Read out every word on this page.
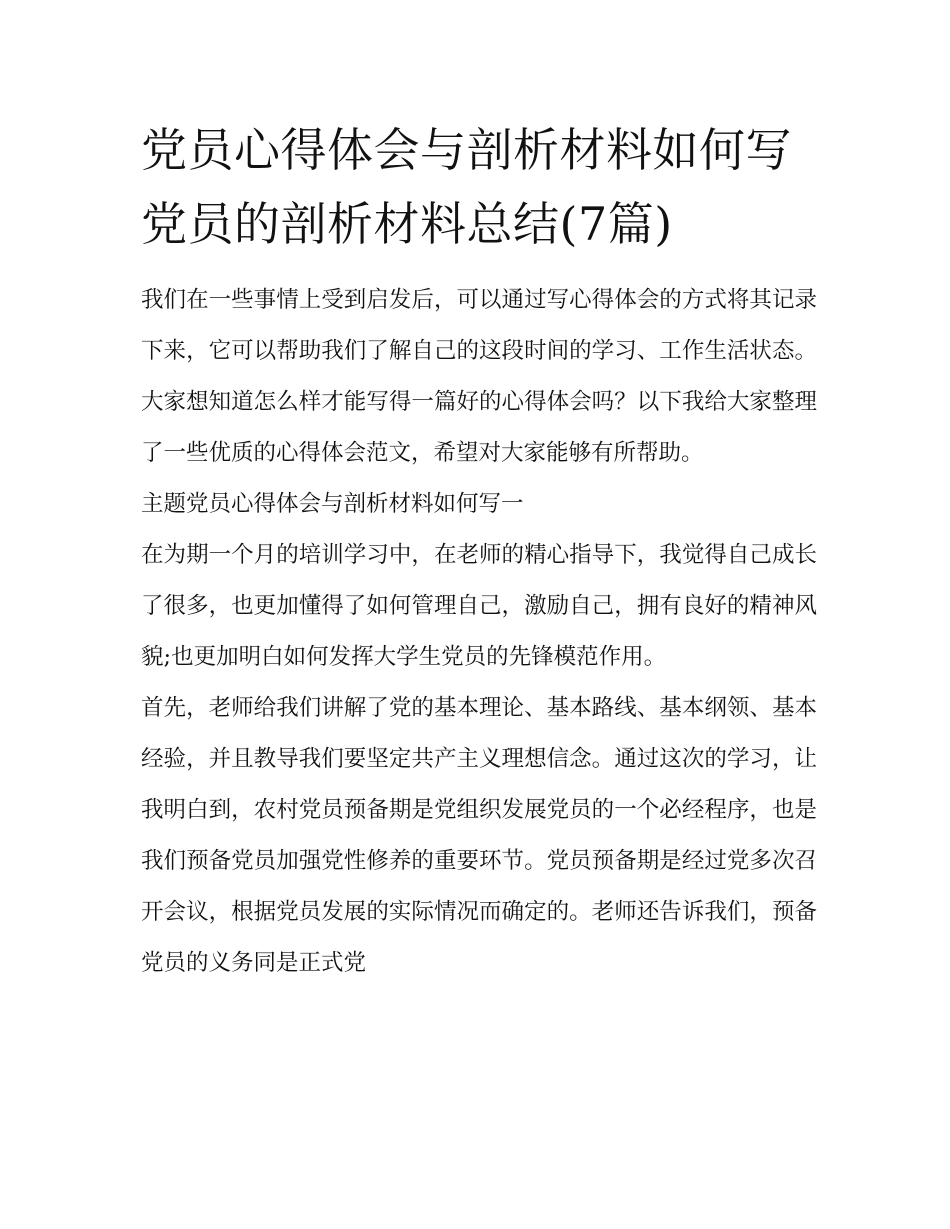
党员心得体会与剖析材料如何写 党员的剖析材料总结(7篇)

我们在一些事情上受到启发后，可以通过写心得体会的方式将其记录下来，它可以帮助我们了解自己的这段时间的学习、工作生活状态。大家想知道怎么样才能写得一篇好的心得体会吗？以下我给大家整理了一些优质的心得体会范文，希望对大家能够有所帮助。

主题党员心得体会与剖析材料如何写一

在为期一个月的培训学习中，在老师的精心指导下，我觉得自己成长了很多，也更加懂得了如何管理自己，激励自己，拥有良好的精神风貌;也更加明白如何发挥大学生党员的先锋模范作用。

首先，老师给我们讲解了党的基本理论、基本路线、基本纲领、基本经验，并且教导我们要坚定共产主义理想信念。通过这次的学习，让我明白到，农村党员预备期是党组织发展党员的一个必经程序，也是我们预备党员加强党性修养的重要环节。党员预备期是经过党多次召开会议，根据党员发展的实际情况而确定的。老师还告诉我们，预备党员的义务同是正式党
